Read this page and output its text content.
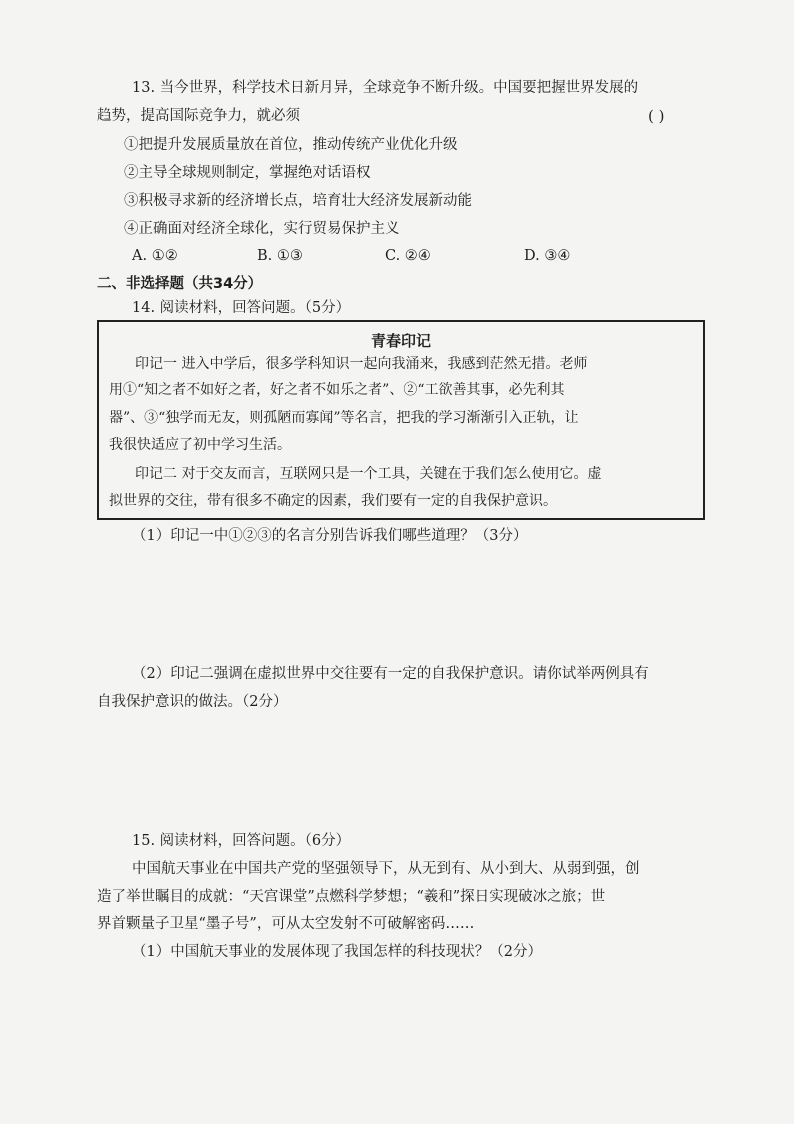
13. 当今世界，科学技术日新月异，全球竞争不断升级。中国要把握世界发展的
趋势，提高国际竞争力，就必须	( )
①把提升发展质量放在首位，推动传统产业优化升级
②主导全球规则制定，掌握绝对话语权
③积极寻求新的经济增长点，培育壮大经济发展新动能
④正确面对经济全球化，实行贸易保护主义
A. ①②	B. ①③	C. ②④	D. ③④
二、非选择题（共34分）
14. 阅读材料，回答问题。（5分）
青春印记
印记一 进入中学后，很多学科知识一起向我涌来，我感到茫然无措。老师
用①“知之者不如好之者，好之者不如乐之者”、②“工欲善其事，必先利其
器”、③“独学而无友，则孤陋而寡闻”等名言，把我的学习渐渐引入正轨，让
我很快适应了初中学习生活。
印记二 对于交友而言，互联网只是一个工具，关键在于我们怎么使用它。虚
拟世界的交往，带有很多不确定的因素，我们要有一定的自我保护意识。
（1）印记一中①②③的名言分别告诉我们哪些道理？（3分）
（2）印记二强调在虚拟世界中交往要有一定的自我保护意识。请你试举两例具有
自我保护意识的做法。（2分）
15. 阅读材料，回答问题。（6分）
中国航天事业在中国共产党的坚强领导下，从无到有、从小到大、从弱到强，创
造了举世瞩目的成就：“天宫课堂”点燃科学梦想；“羲和”探日实现破冰之旅；世
界首颗量子卫星“墨子号”，可从太空发射不可破解密码……
（1）中国航天事业的发展体现了我国怎样的科技现状？（2分）
